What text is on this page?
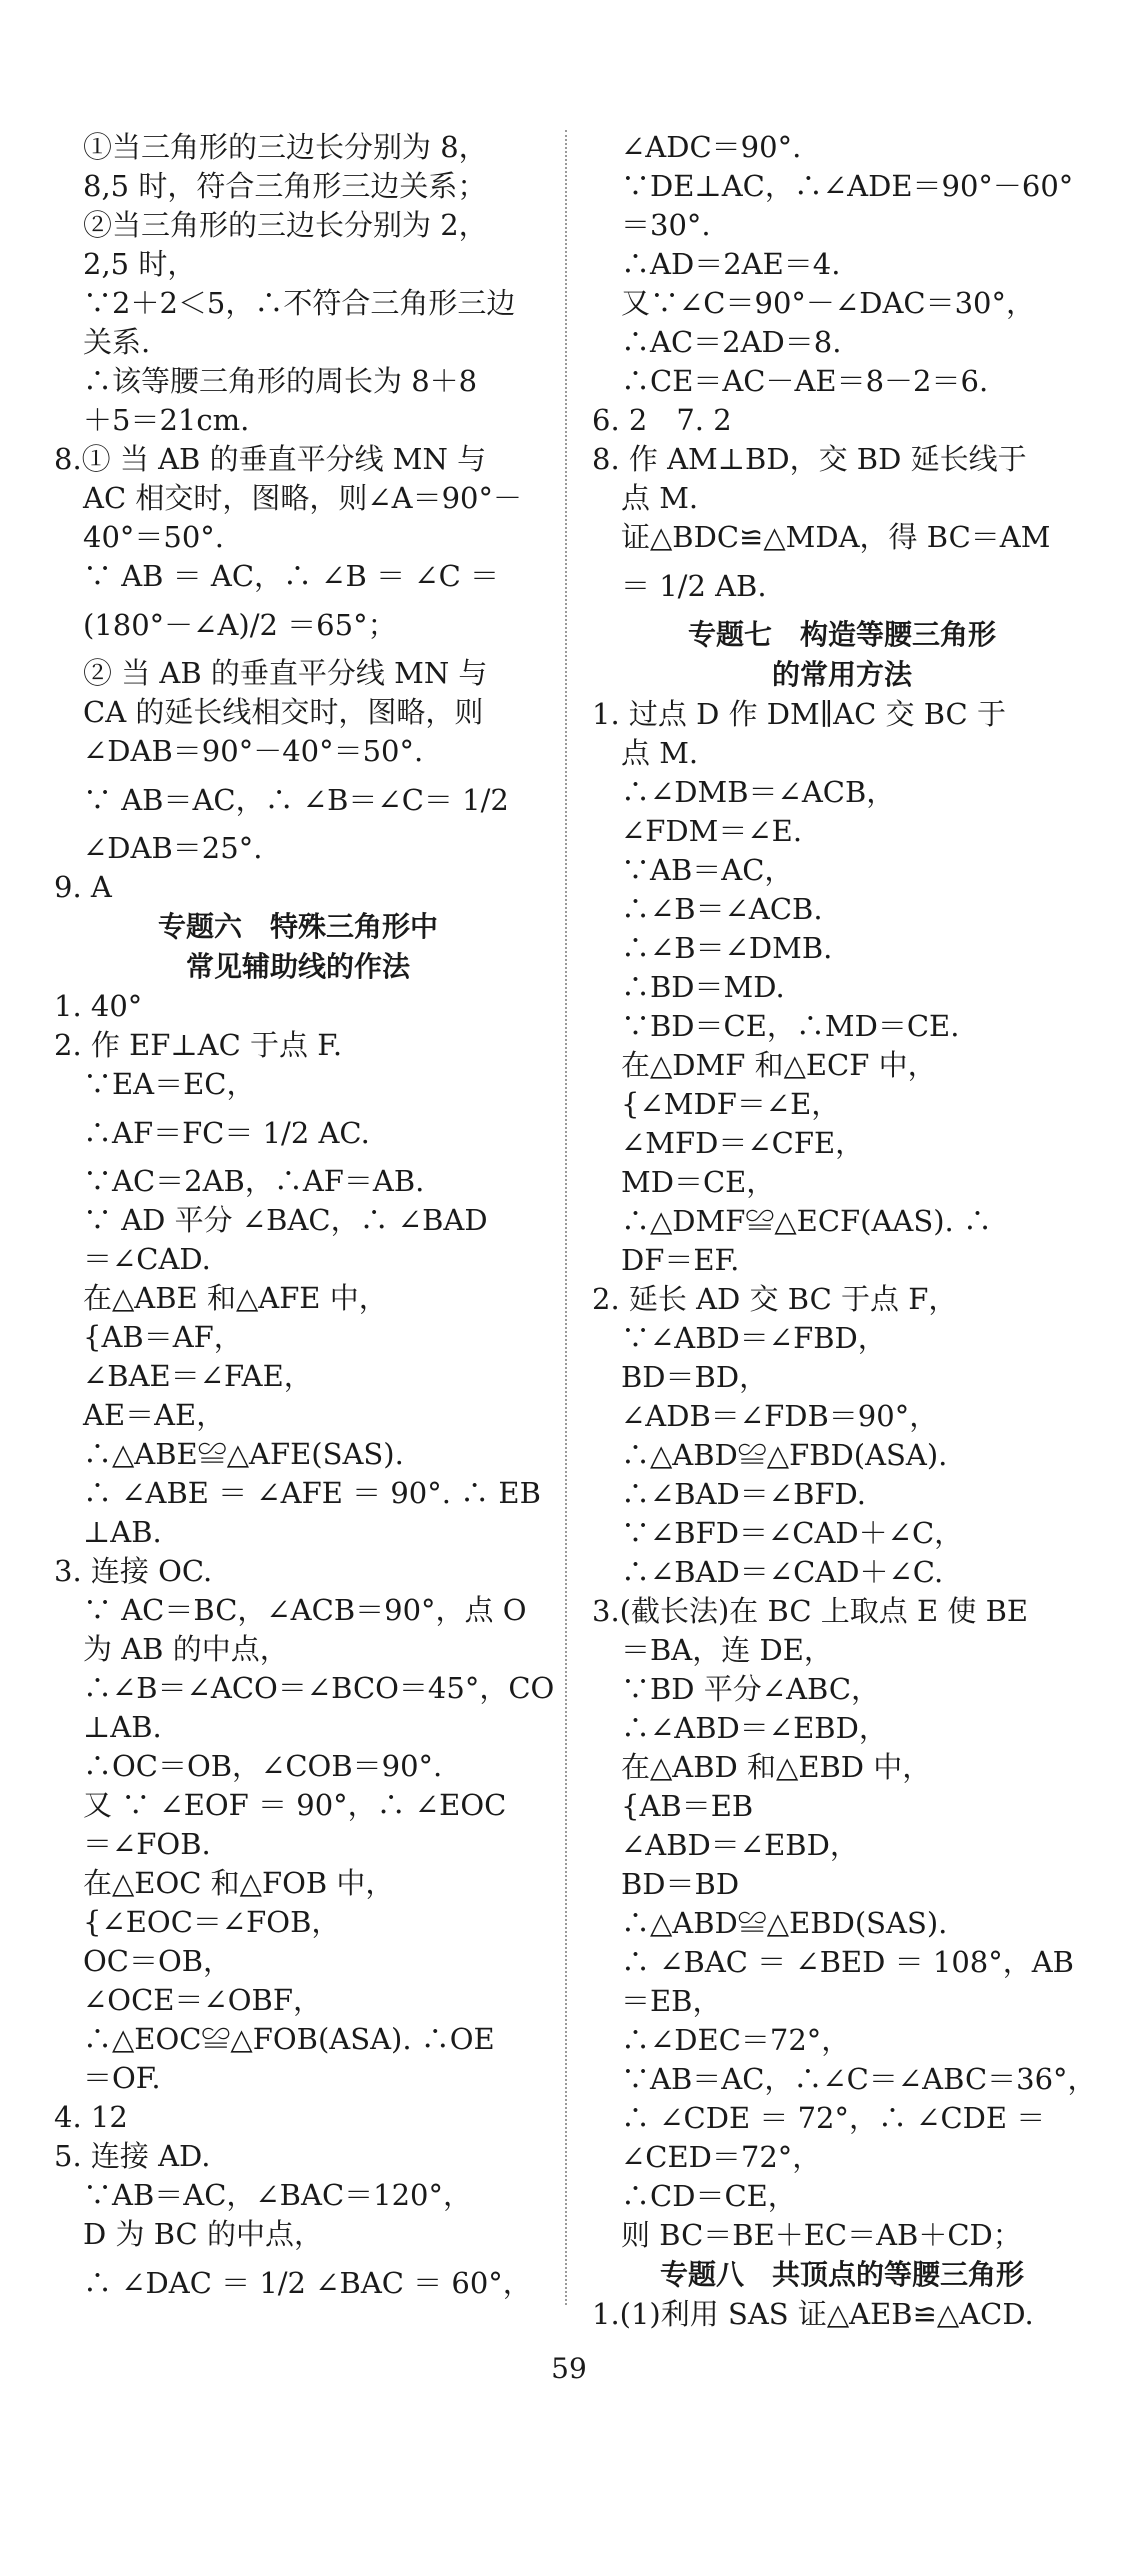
　①当三角形的三边长分别为 8，
　8,5 时，符合三角形三边关系；
　②当三角形的三边长分别为 2，
　2,5 时，
　∵2＋2＜5，∴不符合三角形三边
　关系.
　∴该等腰三角形的周长为 8＋8
　＋5＝21cm.
8.① 当 AB 的垂直平分线 MN 与
　AC 相交时，图略，则∠A＝90°－
　40°＝50°.
　∵ AB ＝ AC，∴ ∠B ＝ ∠C ＝
　(180°－∠A)/2 ＝65°；
　② 当 AB 的垂直平分线 MN 与
　CA 的延长线相交时，图略，则
　∠DAB＝90°－40°＝50°.
　∵ AB＝AC，∴ ∠B＝∠C＝ 1/2
　∠DAB＝25°.
9. A
专题六　特殊三角形中
常见辅助线的作法
1. 40°
2. 作 EF⊥AC 于点 F.
　∵EA＝EC，
　∴AF＝FC＝ 1/2 AC.
　∵AC＝2AB，∴AF＝AB.
　∵ AD 平分 ∠BAC，∴ ∠BAD
　＝∠CAD.
　在△ABE 和△AFE 中，
　{AB＝AF，
　∠BAE＝∠FAE，
　AE＝AE，
　∴△ABE≌△AFE(SAS).
　∴ ∠ABE ＝ ∠AFE ＝ 90°. ∴ EB
　⊥AB.
3. 连接 OC.
　∵ AC＝BC，∠ACB＝90°，点 O
　为 AB 的中点，
　∴∠B＝∠ACO＝∠BCO＝45°，CO
　⊥AB.
　∴OC＝OB，∠COB＝90°.
　又 ∵ ∠EOF ＝ 90°，∴ ∠EOC
　＝∠FOB.
　在△EOC 和△FOB 中，
　{∠EOC＝∠FOB，
　OC＝OB，
　∠OCE＝∠OBF，
　∴△EOC≌△FOB(ASA). ∴OE
　＝OF.
4. 12
5. 连接 AD.
　∵AB＝AC，∠BAC＝120°，
　D 为 BC 的中点，
　∴ ∠DAC ＝ 1/2 ∠BAC ＝ 60°，
　∠ADC＝90°.
　∵DE⊥AC，∴∠ADE＝90°－60°
　＝30°.
　∴AD＝2AE＝4.
　又∵∠C＝90°－∠DAC＝30°，
　∴AC＝2AD＝8.
　∴CE＝AC－AE＝8－2＝6.
6. 2　7. 2
8. 作 AM⊥BD，交 BD 延长线于
　点 M.
　证△BDC≌△MDA，得 BC＝AM
　＝ 1/2 AB.
专题七　构造等腰三角形
的常用方法
1. 过点 D 作 DM∥AC 交 BC 于
　点 M.
　∴∠DMB＝∠ACB，
　∠FDM＝∠E.
　∵AB＝AC，
　∴∠B＝∠ACB.
　∴∠B＝∠DMB.
　∴BD＝MD.
　∵BD＝CE，∴MD＝CE.
　在△DMF 和△ECF 中，
　{∠MDF＝∠E，
　∠MFD＝∠CFE，
　MD＝CE，
　∴△DMF≌△ECF(AAS). ∴
　DF＝EF.
2. 延长 AD 交 BC 于点 F，
　∵∠ABD＝∠FBD，
　BD＝BD，
　∠ADB＝∠FDB＝90°，
　∴△ABD≌△FBD(ASA).
　∴∠BAD＝∠BFD.
　∵∠BFD＝∠CAD＋∠C，
　∴∠BAD＝∠CAD＋∠C.
3.(截长法)在 BC 上取点 E 使 BE
　＝BA，连 DE，
　∵BD 平分∠ABC，
　∴∠ABD＝∠EBD，
　在△ABD 和△EBD 中，
　{AB＝EB
　∠ABD＝∠EBD，
　BD＝BD
　∴△ABD≌△EBD(SAS).
　∴ ∠BAC ＝ ∠BED ＝ 108°，AB
　＝EB，
　∴∠DEC＝72°，
　∵AB＝AC，∴∠C＝∠ABC＝36°，
　∴ ∠CDE ＝ 72°，∴ ∠CDE ＝
　∠CED＝72°，
　∴CD＝CE，
　则 BC＝BE＋EC＝AB＋CD；
专题八　共顶点的等腰三角形
1.(1)利用 SAS 证△AEB≌△ACD.
59
